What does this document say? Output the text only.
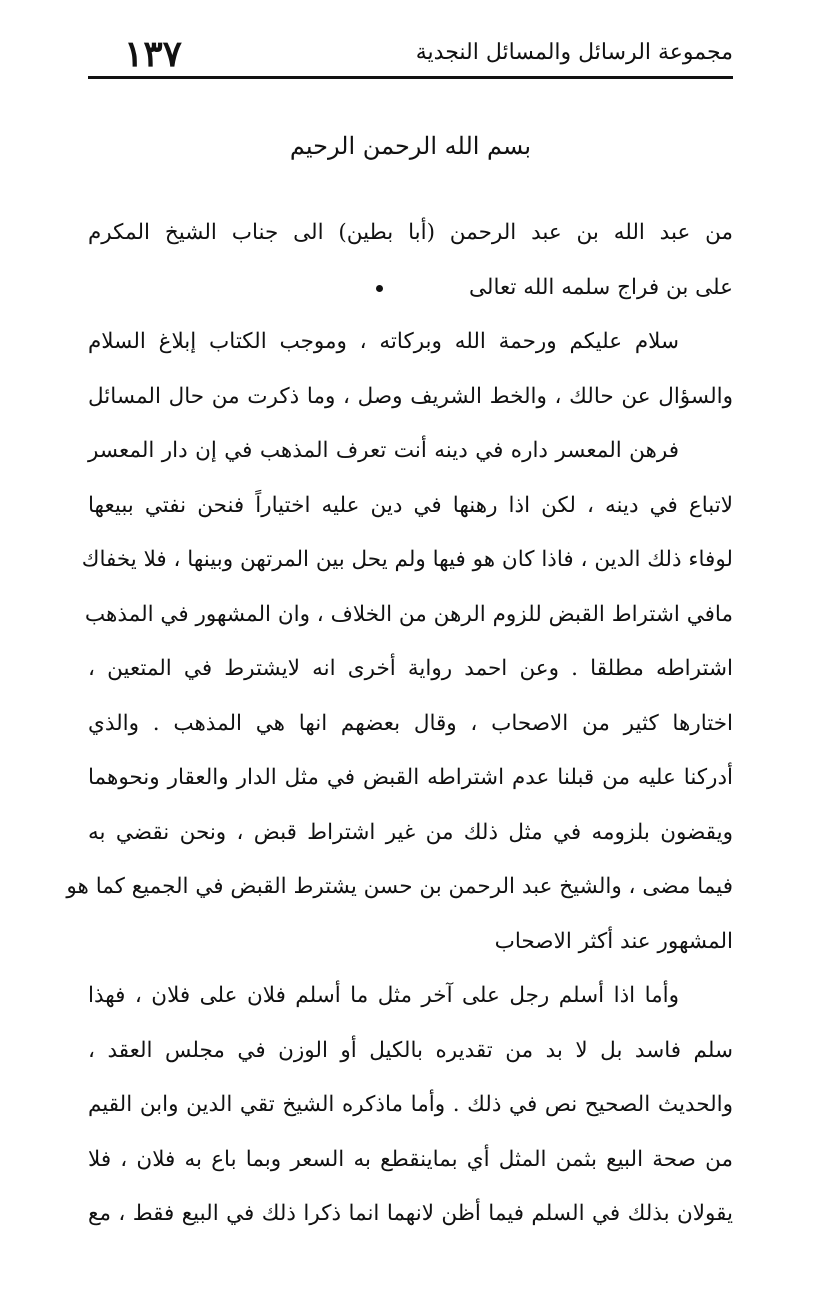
مجموعة الرسائل والمسائل النجدية
١٣٧
بسم الله الرحمن الرحيم
من عبد الله بن عبد الرحمن (أبا بطين) الى جناب الشيخ المكرم
على بن فراج سلمه الله تعالى
سلام عليكم ورحمة الله وبركاته ، وموجب الكتاب إبلاغ السلام
والسؤال عن حالك ، والخط الشريف وصل ، وما ذكرت من حال المسائل
فرهن المعسر داره في دينه أنت تعرف المذهب في إن دار المعسر
لاتباع في دينه ، لكن اذا رهنها في دين عليه اختياراً فنحن نفتي ببيعها
لوفاء ذلك الدين ، فاذا كان هو فيها ولم يحل بين المرتهن وبينها ، فلا يخفاك
مافي اشتراط القبض للزوم الرهن من الخلاف ، وان المشهور في المذهب
اشتراطه مطلقا . وعن احمد رواية أخرى انه لايشترط في المتعين ،
اختارها كثير من الاصحاب ، وقال بعضهم انها هي المذهب . والذي
أدركنا عليه من قبلنا عدم اشتراطه القبض في مثل الدار والعقار ونحوهما
ويقضون بلزومه في مثل ذلك من غير اشتراط قبض ، ونحن نقضي به
فيما مضى ، والشيخ عبد الرحمن بن حسن يشترط القبض في الجميع كما هو
المشهور عند أكثر الاصحاب
وأما اذا أسلم رجل على آخر مثل ما أسلم فلان على فلان ، فهذا
سلم فاسد بل لا بد من تقديره بالكيل أو الوزن في مجلس العقد ،
والحديث الصحيح نص في ذلك . وأما ماذكره الشيخ تقي الدين وابن القيم
من صحة البيع بثمن المثل أي بماينقطع به السعر وبما باع به فلان ، فلا
يقولان بذلك في السلم فيما أظن لانهما انما ذكرا ذلك في البيع فقط ، مع
